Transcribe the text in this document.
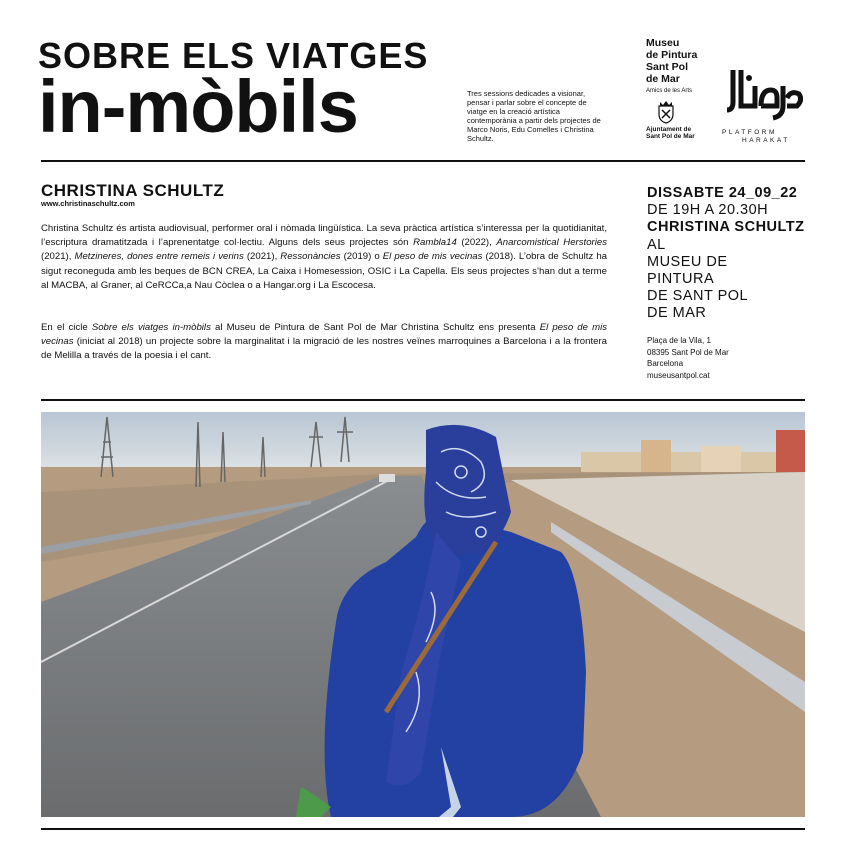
SOBRE ELS VIATGES
in-mòbils	Tres sessions dedicades a visionar, pensar i parlar sobre el concepte de viatge en la creació artística contemporània a partir dels projectes de Marco Noris, Edu Comelles i Christina Schultz.
Museu
de Pintura
Sant Pol
de Mar
Amics de les Arts
Ajuntament de
Sant Pol de Mar
PLATFORM
HARAKAT
CHRISTINA SCHULTZ
www.christinaschultz.com

Christina Schultz és artista audiovisual, performer oral i nòmada lingüística. La seva pràctica artística s’interessa per la quotidianitat, l’escriptura dramatitzada i l’aprenentatge col·lectiu. Alguns dels seus projectes són Rambla14 (2022), Anarcomistical Herstories (2021), Metzineres, dones entre remeis i verins (2021), Ressonàncies (2019) o El peso de mis vecinas (2018). L’obra de Schultz ha sigut reconeguda amb les beques de BCN CREA, La Caixa i Homesession, OSIC i La Capella. Els seus projectes s’han dut a terme al MACBA, al Graner, al CeRCCa,a Nau Còclea o a Hangar.org i La Escocesa.

En el cicle Sobre els viatges in-mòbils al Museu de Pintura de Sant Pol de Mar Christina Schultz ens presenta El peso de mis vecinas (iniciat al 2018) un projecte sobre la marginalitat i la migració de les nostres veïnes marroquines a Barcelona i a la frontera de Melilla a través de la poesia i el cant.

DISSABTE 24_09_22
DE 19H A 20.30H
CHRISTINA SCHULTZ
AL
MUSEU DE
PINTURA
DE SANT POL
DE MAR
Plaça de la Vila, 1
08395 Sant Pol de Mar
Barcelona
museusantpol.cat
